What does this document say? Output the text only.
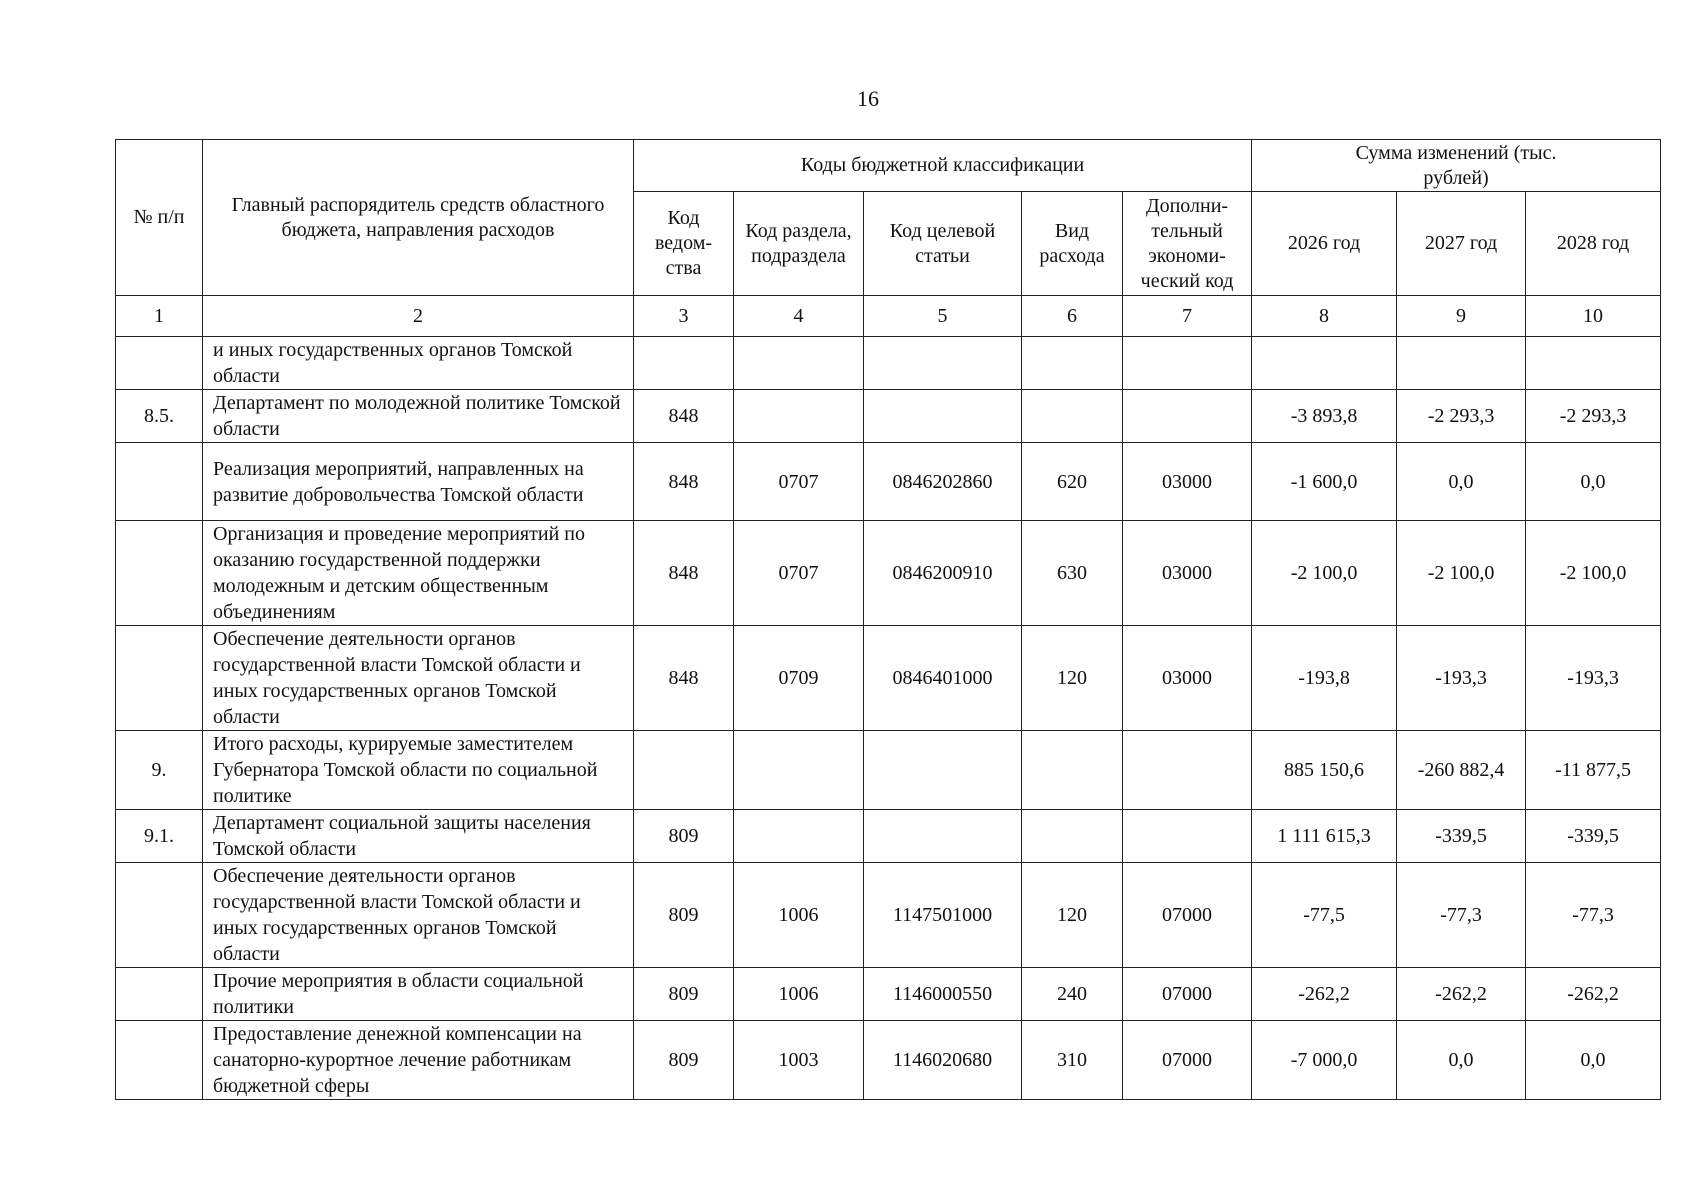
16
№ п/п	Главный распорядитель средств областного бюджета, направления расходов	Коды бюджетной классификации					Сумма изменений (тыс. рублей)		
		Код ведом-ства	Код раздела, подраздела	Код целевой статьи	Вид расхода	Дополни-тельный экономи-ческий код	2026 год	2027 год	2028 год
1	2	3	4	5	6	7	8	9	10
	и иных государственных органов Томской области								
8.5.	Департамент по молодежной политике Томской области	848					-3 893,8	-2 293,3	-2 293,3
	Реализация мероприятий, направленных на развитие добровольчества Томской области	848	0707	0846202860	620	03000	-1 600,0	0,0	0,0
	Организация и проведение мероприятий по оказанию государственной поддержки молодежным и детским общественным объединениям	848	0707	0846200910	630	03000	-2 100,0	-2 100,0	-2 100,0
	Обеспечение деятельности органов государственной власти Томской области и иных государственных органов Томской области	848	0709	0846401000	120	03000	-193,8	-193,3	-193,3
9.	Итого расходы, курируемые заместителем Губернатора Томской области по социальной политике						885 150,6	-260 882,4	-11 877,5
9.1.	Департамент социальной защиты населения Томской области	809					1 111 615,3	-339,5	-339,5
	Обеспечение деятельности органов государственной власти Томской области и иных государственных органов Томской области	809	1006	1147501000	120	07000	-77,5	-77,3	-77,3
	Прочие мероприятия в области социальной политики	809	1006	1146000550	240	07000	-262,2	-262,2	-262,2
	Предоставление денежной компенсации на санаторно-курортное лечение работникам бюджетной сферы	809	1003	1146020680	310	07000	-7 000,0	0,0	0,0
